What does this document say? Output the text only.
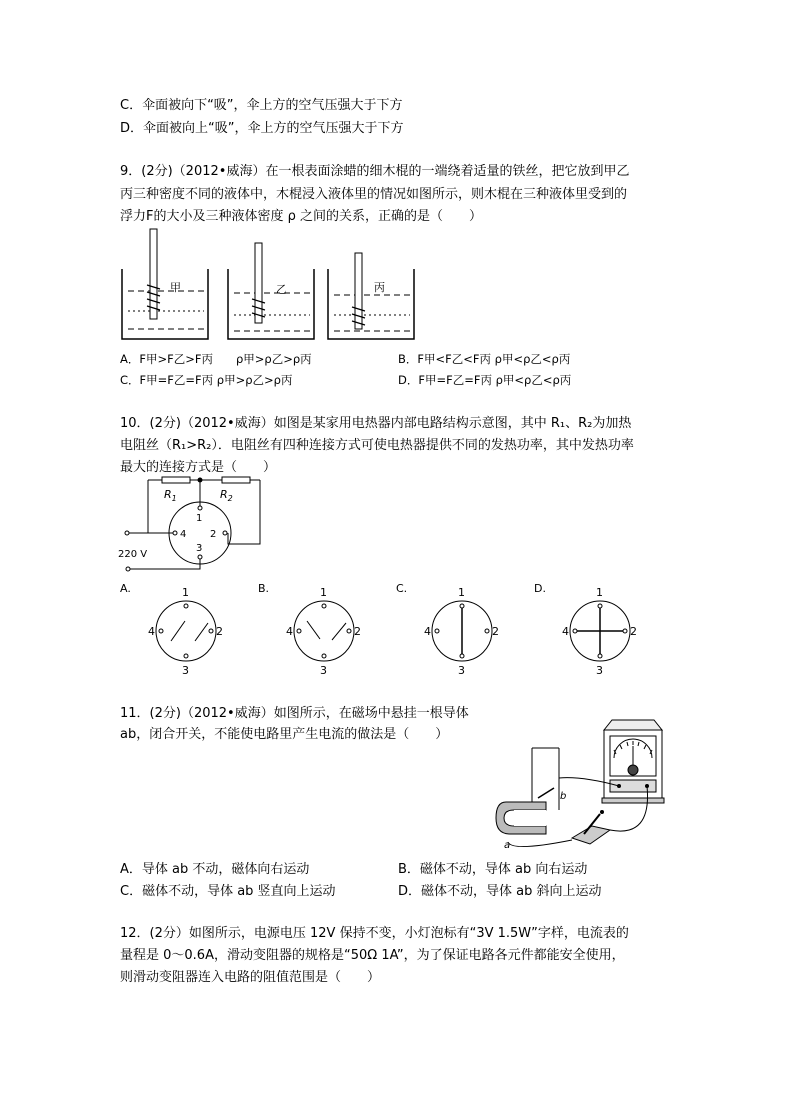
C．伞面被向下“吸”，伞上方的空气压强大于下方
D．伞面被向上“吸”，伞上方的空气压强大于下方
9．(2分)（2012•威海）在一根表面涂蜡的细木棍的一端绕着适量的铁丝，把它放到甲乙
丙三种密度不同的液体中，木棍浸入液体里的情况如图所示，则木棍在三种液体里受到的
浮力F的大小及三种液体密度 ρ 之间的关系，正确的是（　　）
甲	乙	丙
A．F甲>F乙>F丙　　ρ甲>ρ乙>ρ丙	B．F甲<F乙<F丙 ρ甲<ρ乙<ρ丙
C．F甲=F乙=F丙 ρ甲>ρ乙>ρ丙	D．F甲=F乙=F丙 ρ甲<ρ乙<ρ丙
10．(2分)（2012•威海）如图是某家用电热器内部电路结构示意图，其中 R₁、R₂为加热
电阻丝（R₁>R₂）．电阻丝有四种连接方式可使电热器提供不同的发热功率，其中发热功率
最大的连接方式是（　　）
$R_1$	$R_2$
1
2
3
4
220 V
A.	1
2
3
4
B.	1
2
3
4
C.	1
2
3
4
D.	1
2
3
4
11．(2分)（2012•威海）如图所示，在磁场中悬挂一根导体
ab，闭合开关，不能使电路里产生电流的做法是（　　）
b
a
A．导体 ab 不动，磁体向右运动	B．磁体不动，导体 ab 向右运动
C．磁体不动，导体 ab 竖直向上运动	D．磁体不动，导体 ab 斜向上运动
12．(2分）如图所示，电源电压 12V 保持不变，小灯泡标有“3V 1.5W”字样，电流表的
量程是 0～0.6A，滑动变阻器的规格是“50Ω 1A”，为了保证电路各元件都能安全使用，
则滑动变阻器连入电路的阻值范围是（　　）
